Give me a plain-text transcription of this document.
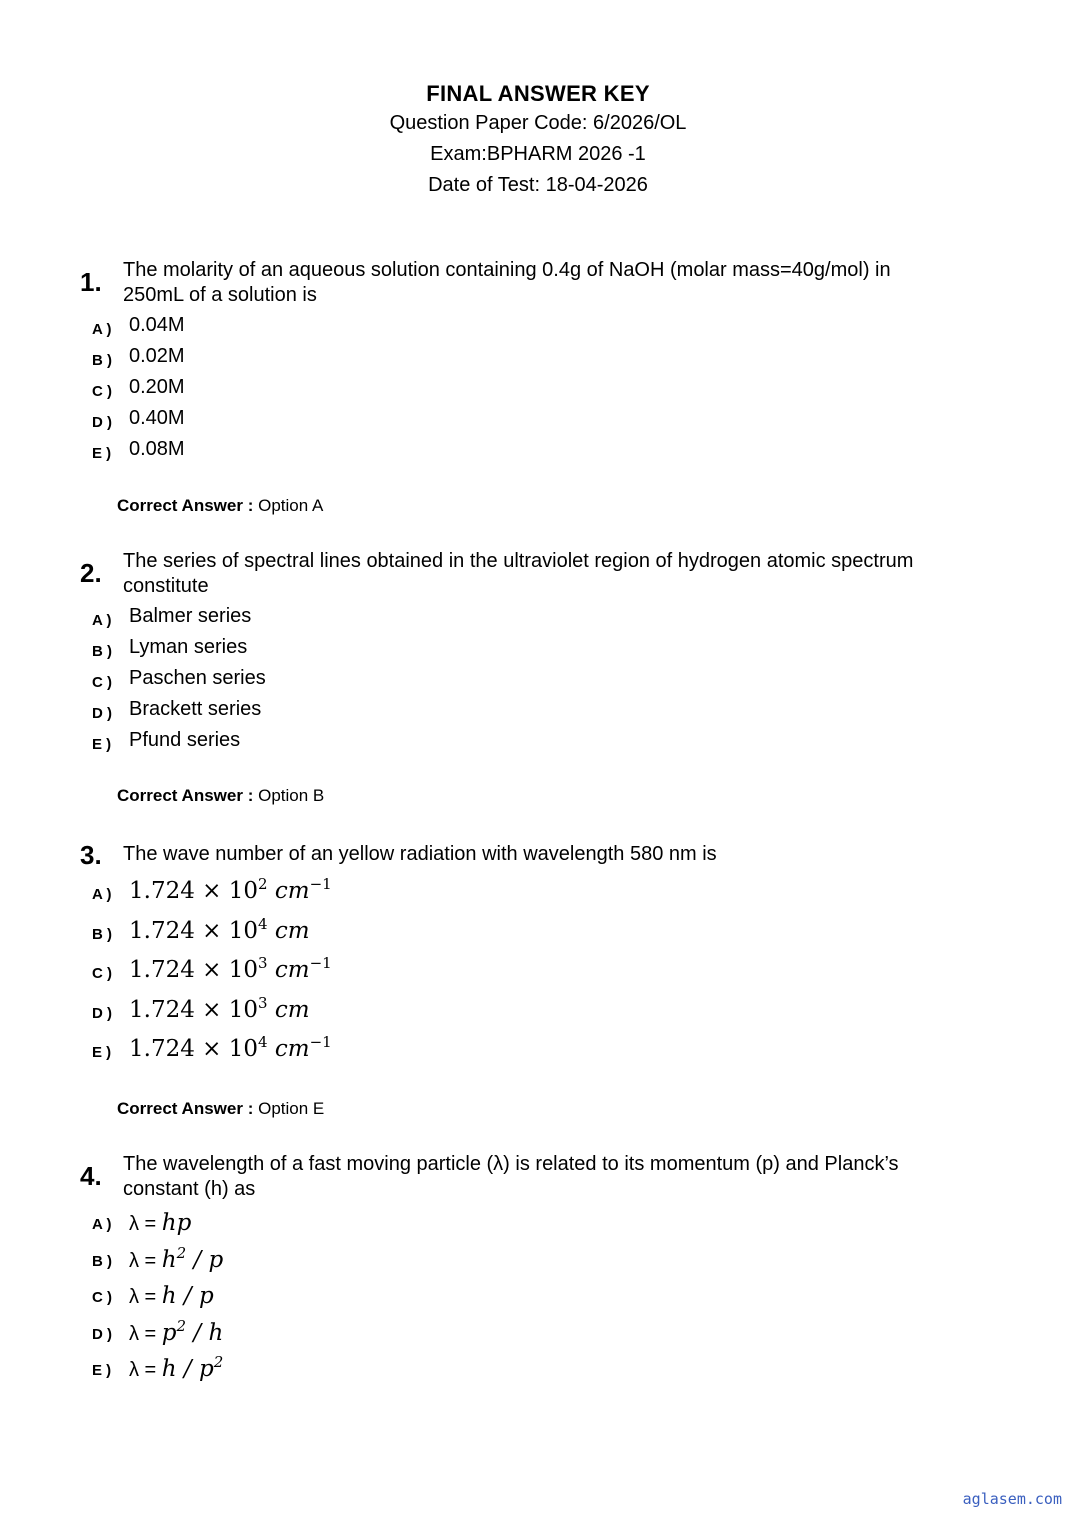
FINAL ANSWER KEY
Question Paper Code: 6/2026/OL
Exam:BPHARM 2026 -1
Date of Test: 18-04-2026
1. The molarity of an aqueous solution containing 0.4g of NaOH (molar mass=40g/mol) in
250mL of a solution is
A ) 0.04M
B ) 0.02M
C ) 0.20M
D ) 0.40M
E ) 0.08M
Correct Answer : Option A
2. The series of spectral lines obtained in the ultraviolet region of hydrogen atomic spectrum
constitute
A ) Balmer series
B ) Lyman series
C ) Paschen series
D ) Brackett series
E ) Pfund series
Correct Answer : Option B
3. The wave number of an yellow radiation with wavelength 580 nm is
A ) $1.724 \times 10^2$ $cm^{-1}$
B ) $1.724 \times 10^4$ cm
C ) $1.724 \times 10^3$ $cm^{-1}$
D ) $1.724 \times 10^3$ cm
E ) $1.724 \times 10^4$ $cm^{-1}$
Correct Answer : Option E
4. The wavelength of a fast moving particle (λ) is related to its momentum (p) and Planck’s
constant (h) as
A ) λ = hp
B ) $\lambda = h^2 / p$
C ) λ = h / p
D ) $\lambda = p^2 / h$
E ) $\lambda = h / p^2$
aglasem.com
